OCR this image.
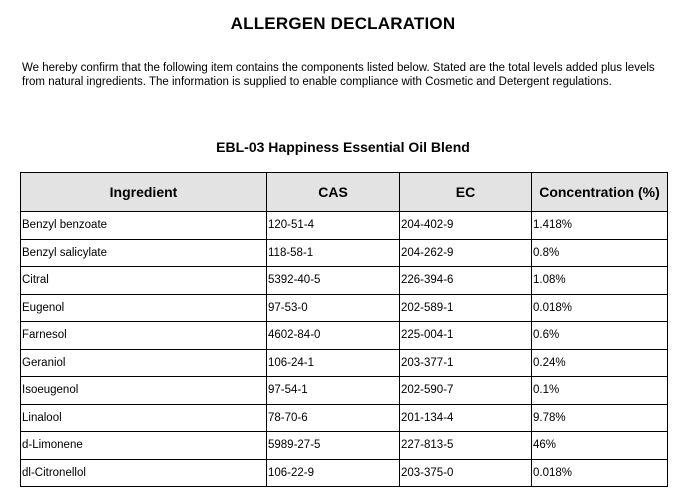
ALLERGEN DECLARATION
We hereby confirm that the following item contains the components listed below. Stated are the total levels added plus levels from natural ingredients. The information is supplied to enable compliance with Cosmetic and Detergent regulations.
EBL-03 Happiness Essential Oil Blend
Ingredient	CAS	EC	Concentration (%)
Benzyl benzoate	120-51-4	204-402-9	1.418%
Benzyl salicylate	118-58-1	204-262-9	0.8%
Citral	5392-40-5	226-394-6	1.08%
Eugenol	97-53-0	202-589-1	0.018%
Farnesol	4602-84-0	225-004-1	0.6%
Geraniol	106-24-1	203-377-1	0.24%
Isoeugenol	97-54-1	202-590-7	0.1%
Linalool	78-70-6	201-134-4	9.78%
d-Limonene	5989-27-5	227-813-5	46%
dl-Citronellol	106-22-9	203-375-0	0.018%
